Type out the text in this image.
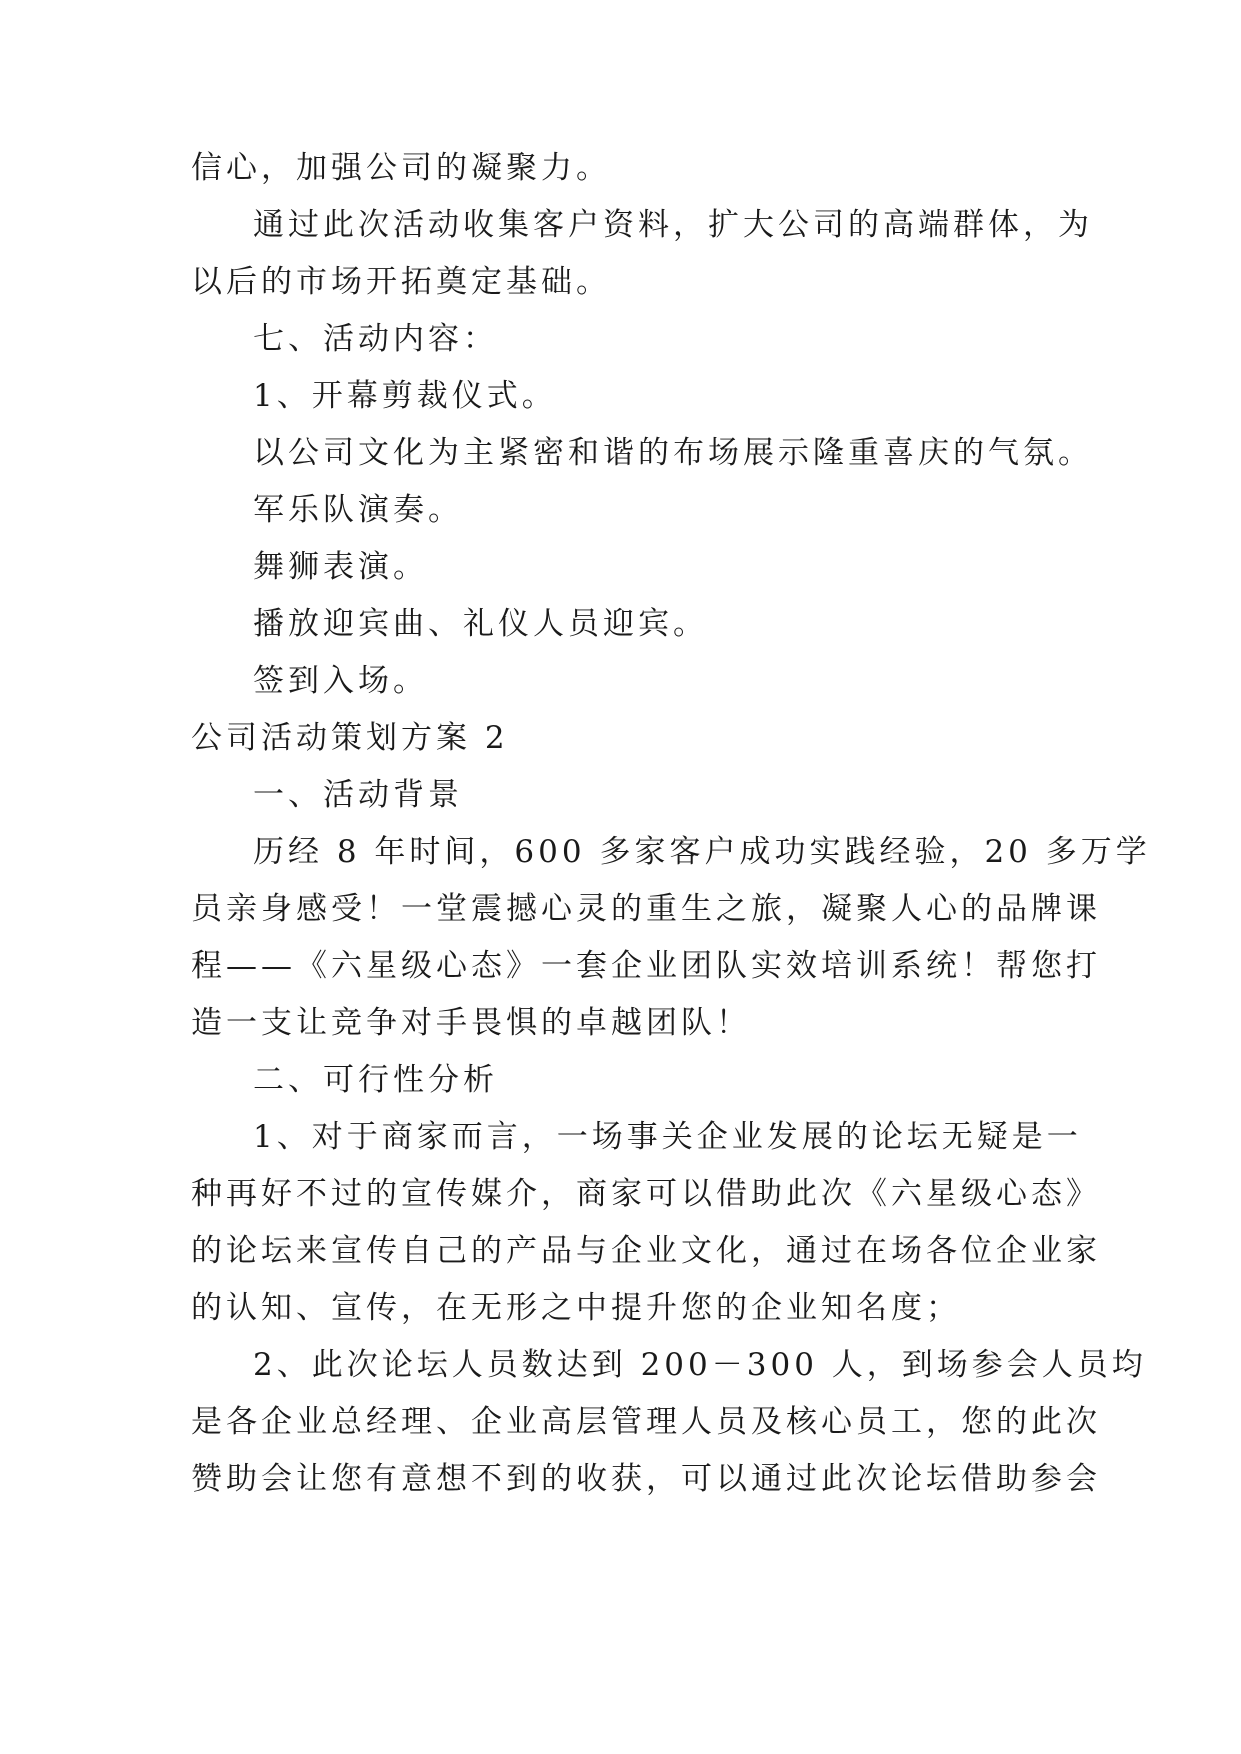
信心，加强公司的凝聚力。
通过此次活动收集客户资料，扩大公司的高端群体，为
以后的市场开拓奠定基础。
七、活动内容：
1、开幕剪裁仪式。
以公司文化为主紧密和谐的布场展示隆重喜庆的气氛。
军乐队演奏。
舞狮表演。
播放迎宾曲、礼仪人员迎宾。
签到入场。
公司活动策划方案 2
一、活动背景
历经 8 年时间，600 多家客户成功实践经验，20 多万学
员亲身感受！一堂震撼心灵的重生之旅，凝聚人心的品牌课
程——《六星级心态》一套企业团队实效培训系统！帮您打
造一支让竞争对手畏惧的卓越团队！
二、可行性分析
1、对于商家而言，一场事关企业发展的论坛无疑是一
种再好不过的宣传媒介，商家可以借助此次《六星级心态》
的论坛来宣传自己的产品与企业文化，通过在场各位企业家
的认知、宣传，在无形之中提升您的企业知名度；
2、此次论坛人员数达到 200－300 人，到场参会人员均
是各企业总经理、企业高层管理人员及核心员工，您的此次
赞助会让您有意想不到的收获，可以通过此次论坛借助参会
